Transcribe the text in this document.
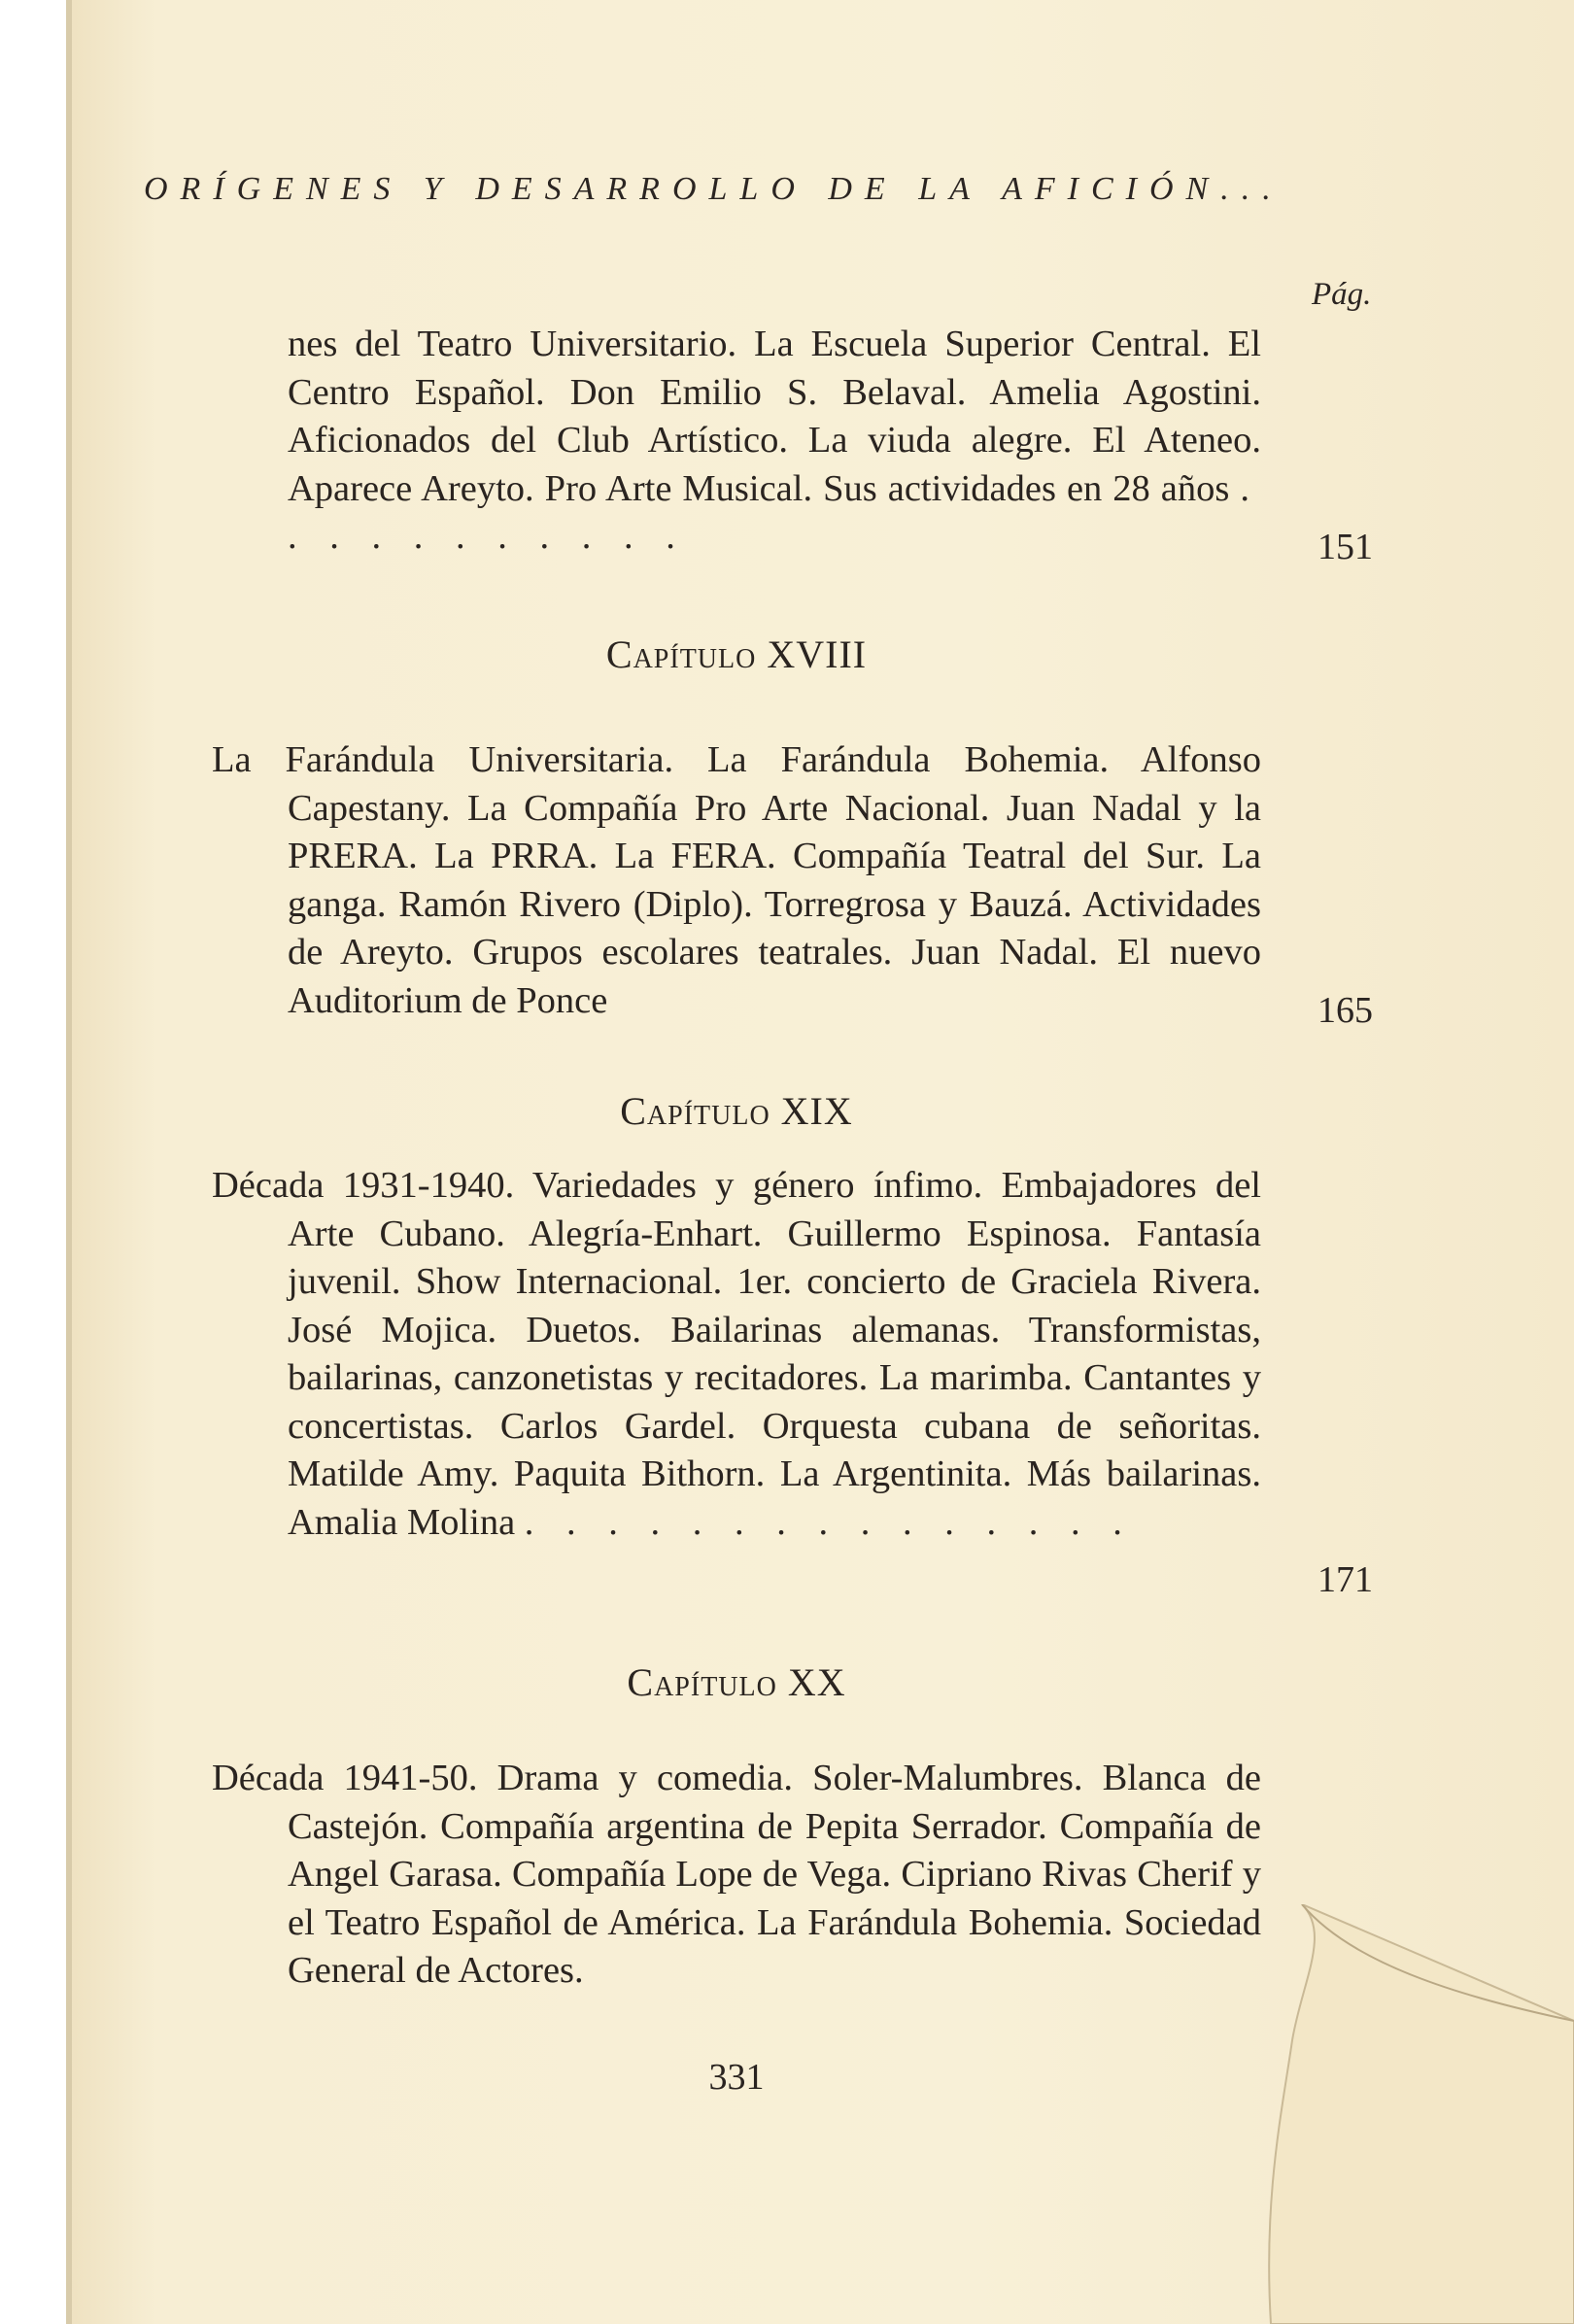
ORÍGENES Y DESARROLLO DE LA AFICIÓN...
Pág.
nes del Teatro Universitario. La Escuela Superior Central. El Centro Español. Don Emilio S. Belaval. Amelia Agostini. Aficionados del Club Artístico. La viuda alegre. El Ateneo. Aparece Areyto. Pro Arte Musical. Sus actividades en 28 años . . . . . . . . . . .	151
Capítulo XVIII
La Farándula Universitaria. La Farándula Bohemia. Alfonso Capestany. La Compañía Pro Arte Nacional. Juan Nadal y la PRERA. La PRRA. La FERA. Compañía Teatral del Sur. La ganga. Ramón Rivero (Diplo). Torregrosa y Bauzá. Actividades de Areyto. Grupos escolares teatrales. Juan Nadal. El nuevo Auditorium de Ponce	165
Capítulo XIX
Década 1931-1940. Variedades y género ínfimo. Embajadores del Arte Cubano. Alegría-Enhart. Guillermo Espinosa. Fantasía juvenil. Show Internacional. 1er. concierto de Graciela Rivera. José Mojica. Duetos. Bailarinas alemanas. Transformistas, bailarinas, canzonetistas y recitadores. La marimba. Cantantes y concertistas. Carlos Gardel. Orquesta cubana de señoritas. Matilde Amy. Paquita Bithorn. La Argentinita. Más bailarinas. Amalia Molina . . . . . . . . . . . . . . .
171
Capítulo XX
Década 1941-50. Drama y comedia. Soler-Malumbres. Blanca de Castejón. Compañía argentina de Pepita Serrador. Compañía de Angel Garasa. Compañía Lope de Vega. Cipriano Rivas Cherif y el Teatro Español de América. La Farándula Bohemia. Sociedad General de Actores.
331
